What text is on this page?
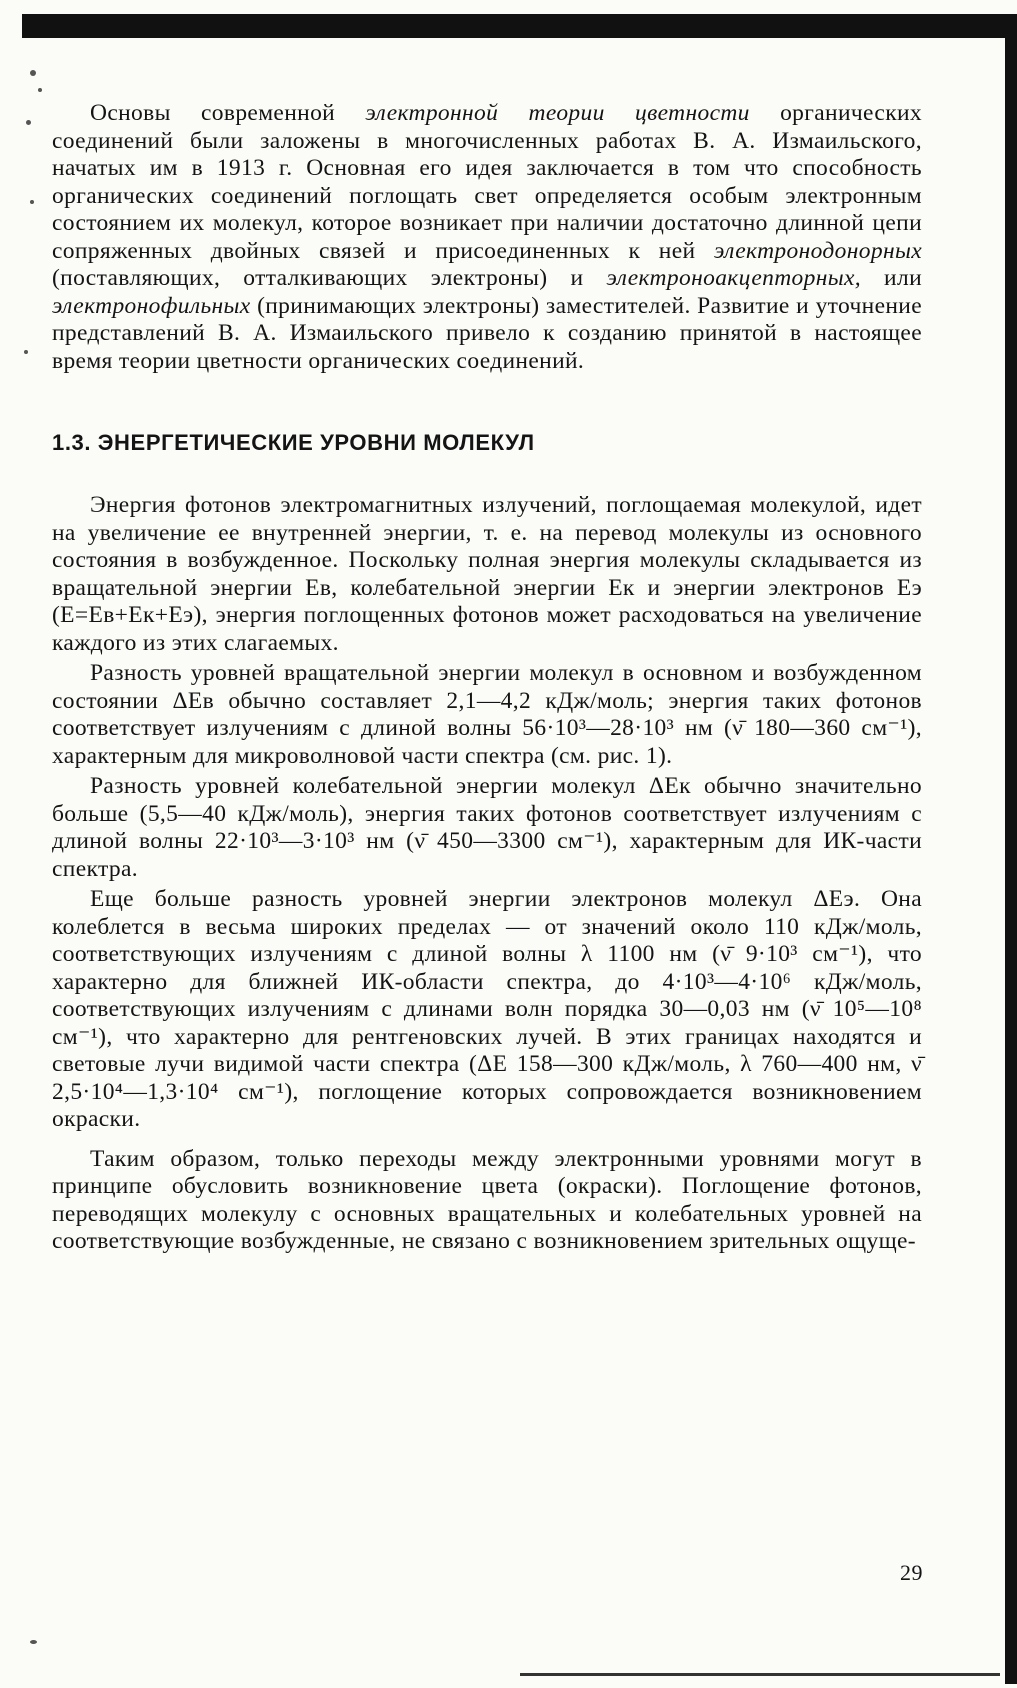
Основы современной электронной теории цветности органических соединений были заложены в многочисленных работах В. А. Измаильского, начатых им в 1913 г. Основная его идея заключается в том что способность органических соединений поглощать свет определяется особым электронным состоянием их молекул, которое возникает при наличии достаточно длинной цепи сопряженных двойных связей и присоединенных к ней электронодонорных (поставляющих, отталкивающих электроны) и электроноакцепторных, или электронофильных (принимающих электроны) заместителей. Развитие и уточнение представлений В. А. Измаильского привело к созданию принятой в настоящее время теории цветности органических соединений.

1.3. ЭНЕРГЕТИЧЕСКИЕ УРОВНИ МОЛЕКУЛ

Энергия фотонов электромагнитных излучений, поглощаемая молекулой, идет на увеличение ее внутренней энергии, т. е. на перевод молекулы из основного состояния в возбужденное. Поскольку полная энергия молекулы складывается из вращательной энергии Eв, колебательной энергии Eк и энергии электронов Eэ (E=Eв+Eк+Eэ), энергия поглощенных фотонов может расходоваться на увеличение каждого из этих слагаемых.

Разность уровней вращательной энергии молекул в основном и возбужденном состоянии ΔEв обычно составляет 2,1—4,2 кДж/моль; энергия таких фотонов соответствует излучениям с длиной волны 56·10³—28·10³ нм (ν̄ 180—360 см⁻¹), характерным для микроволновой части спектра (см. рис. 1).

Разность уровней колебательной энергии молекул ΔEк обычно значительно больше (5,5—40 кДж/моль), энергия таких фотонов соответствует излучениям с длиной волны 22·10³—3·10³ нм (ν̄ 450—3300 см⁻¹), характерным для ИК-части спектра.

Еще больше разность уровней энергии электронов молекул ΔEэ. Она колеблется в весьма широких пределах — от значений около 110 кДж/моль, соответствующих излучениям с длиной волны λ 1100 нм (ν̄ 9·10³ см⁻¹), что характерно для ближней ИК-области спектра, до 4·10³—4·10⁶ кДж/моль, соответствующих излучениям с длинами волн порядка 30—0,03 нм (ν̄ 10⁵—10⁸ см⁻¹), что характерно для рентгеновских лучей. В этих границах находятся и световые лучи видимой части спектра (ΔE 158—300 кДж/моль, λ 760—400 нм, ν̄ 2,5·10⁴—1,3·10⁴ см⁻¹), поглощение которых сопровождается возникновением окраски.

Таким образом, только переходы между электронными уровнями могут в принципе обусловить возникновение цвета (окраски). Поглощение фотонов, переводящих молекулу с основных вращательных и колебательных уровней на соответствующие возбужденные, не связано с возникновением зрительных ощуще-

29
